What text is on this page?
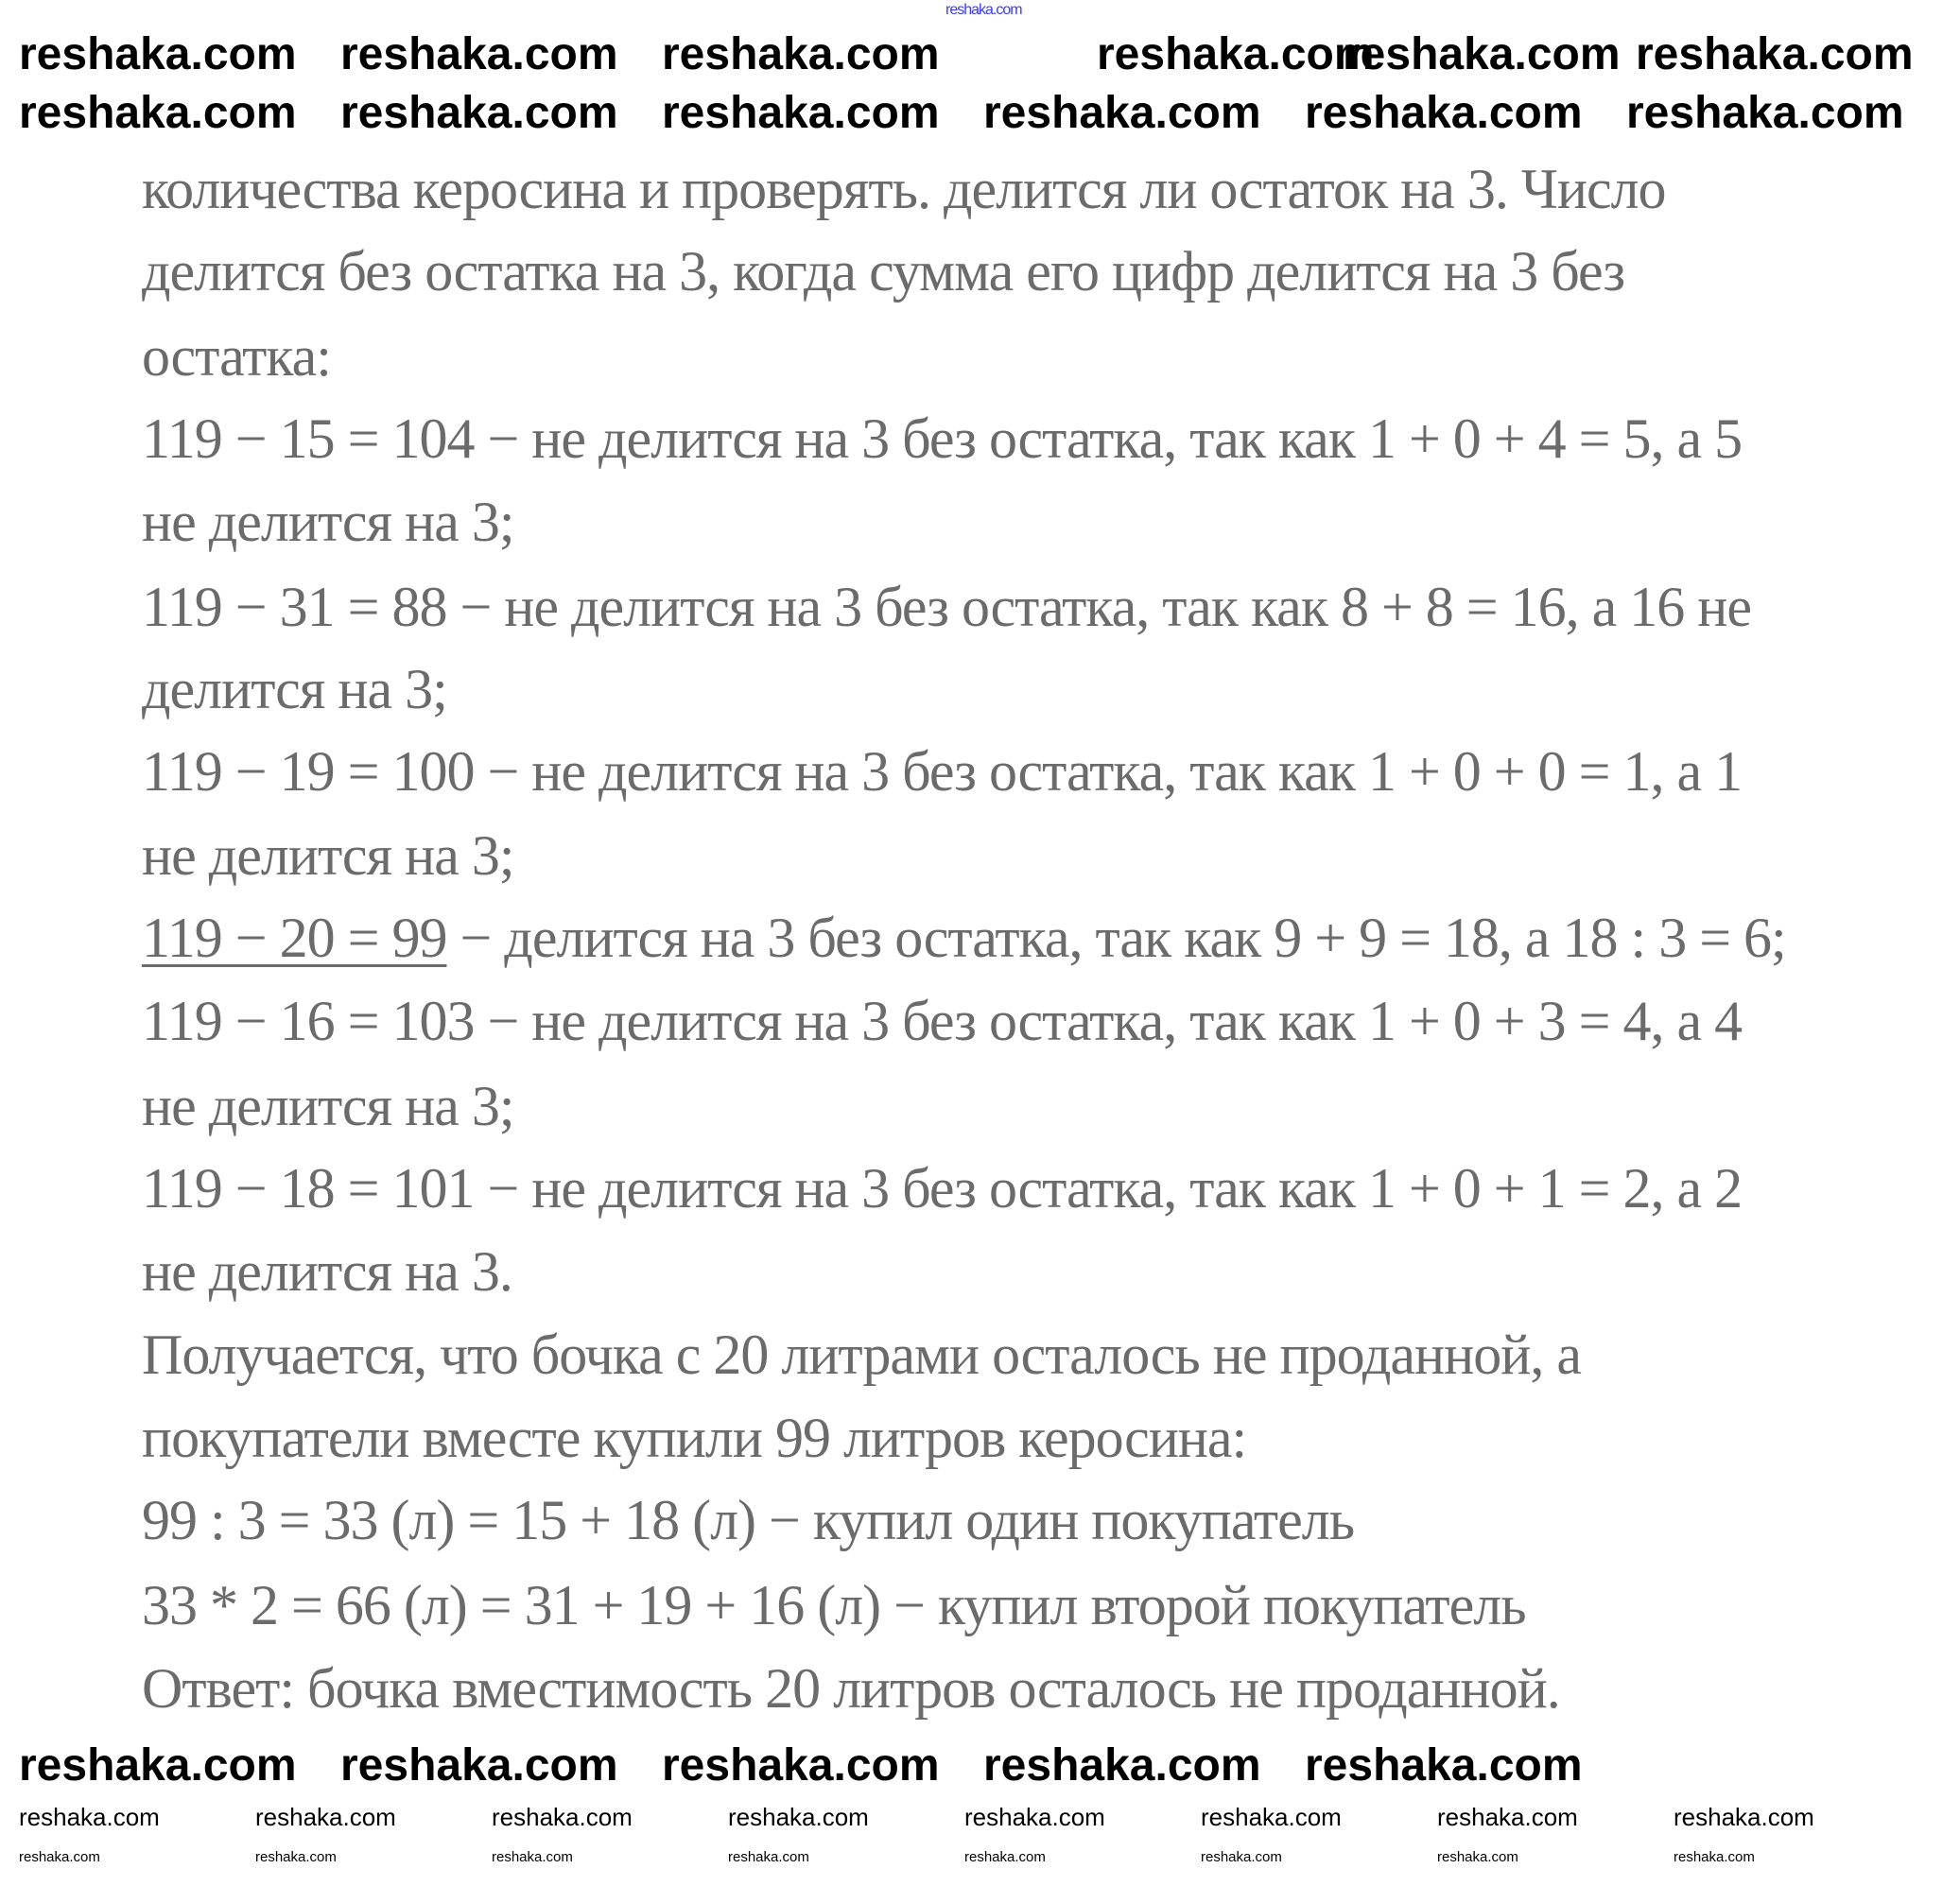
reshaka.com
reshaka.com reshaka.com reshaka.com	reshaka.com
reshaka.com reshaka.com
reshaka.com reshaka.com reshaka.com reshaka.com reshaka.com reshaka.com
количества керосина и проверять. делится ли остаток на 3. Число
делится без остатка на 3, когда сумма его цифр делится на 3 без
остатка:
119 − 15 = 104 − не делится на 3 без остатка, так как 1 + 0 + 4 = 5, а 5
не делится на 3;
119 − 31 = 88 − не делится на 3 без остатка, так как 8 + 8 = 16, а 16 не
делится на 3;
119 − 19 = 100 − не делится на 3 без остатка, так как 1 + 0 + 0 = 1, а 1
не делится на 3;
119 − 20 = 99 − делится на 3 без остатка, так как 9 + 9 = 18, а 18 : 3 = 6;
119 − 16 = 103 − не делится на 3 без остатка, так как 1 + 0 + 3 = 4, а 4
не делится на 3;
119 − 18 = 101 − не делится на 3 без остатка, так как 1 + 0 + 1 = 2, а 2
не делится на 3.
Получается, что бочка с 20 литрами осталось не проданной, а
покупатели вместе купили 99 литров керосина:
99 : 3 = 33 (л) = 15 + 18 (л) − купил один покупатель
33 * 2 = 66 (л) = 31 + 19 + 16 (л) − купил второй покупатель
Ответ: бочка вместимость 20 литров осталось не проданной.
reshaka.com reshaka.com reshaka.com reshaka.com reshaka.com
reshaka.com	reshaka.com	reshaka.com	reshaka.com	reshaka.com	reshaka.com	reshaka.com	reshaka.com
reshaka.com	reshaka.com	reshaka.com	reshaka.com	reshaka.com	reshaka.com	reshaka.com	reshaka.com
